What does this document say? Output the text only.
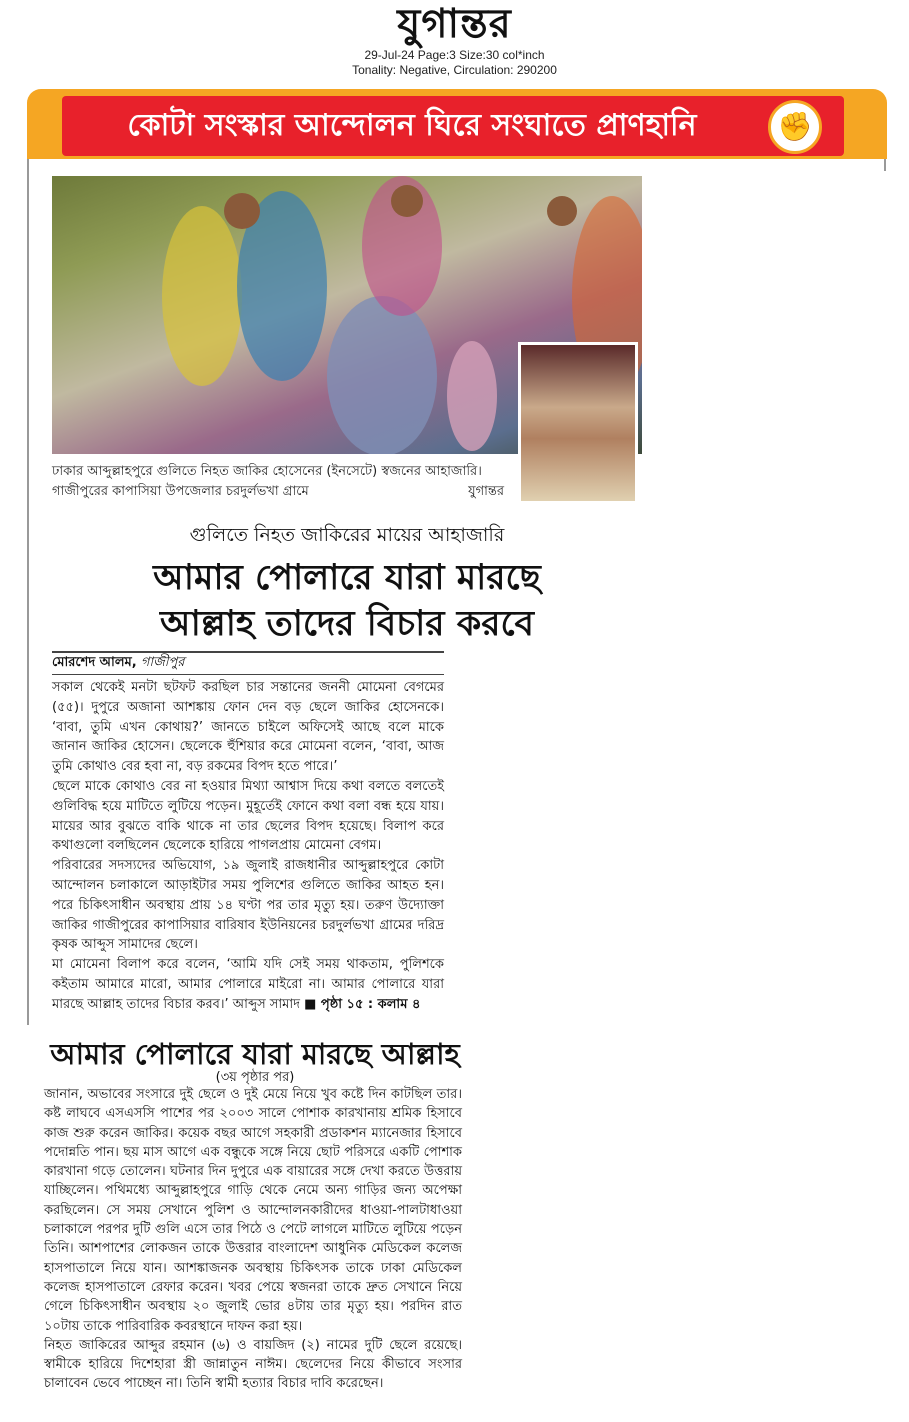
যুগান্তর
29-Jul-24 Page:3 Size:30 col*inch
Tonality: Negative, Circulation: 290200
কোটা সংস্কার আন্দোলন ঘিরে সংঘাতে প্রাণহানি	✊
ঢাকার আব্দুল্লাহপুরে গুলিতে নিহত জাকির হোসেনের (ইনসেটে) স্বজনের আহাজারি। গাজীপুরের কাপাসিয়া উপজেলার চরদুর্লভখা গ্রামে	যুগান্তর
গুলিতে নিহত জাকিরের মায়ের আহাজারি
আমার পোলারে যারা মারছে
আল্লাহ তাদের বিচার করবে
মোরশেদ আলম, গাজীপুর

সকাল থেকেই মনটা ছটফট করছিল চার সন্তানের জননী মোমেনা বেগমের (৫৫)। দুপুরে অজানা আশঙ্কায় ফোন দেন বড় ছেলে জাকির হোসেনকে। ‘বাবা, তুমি এখন কোথায়?’ জানতে চাইলে অফিসেই আছে বলে মাকে জানান জাকির হোসেন। ছেলেকে হুঁশিয়ার করে মোমেনা বলেন, ‘বাবা, আজ তুমি কোথাও বের হবা না, বড় রকমের বিপদ হতে পারে।’

ছেলে মাকে কোথাও বের না হওয়ার মিথ্যা আশ্বাস দিয়ে কথা বলতে বলতেই গুলিবিদ্ধ হয়ে মাটিতে লুটিয়ে পড়েন। মুহূর্তেই ফোনে কথা বলা বন্ধ হয়ে যায়। মায়ের আর বুঝতে বাকি থাকে না তার ছেলের বিপদ হয়েছে। বিলাপ করে কথাগুলো বলছিলেন ছেলেকে হারিয়ে পাগলপ্রায় মোমেনা বেগম।

পরিবারের সদস্যদের অভিযোগ, ১৯ জুলাই রাজধানীর আব্দুল্লাহপুরে কোটা আন্দোলন চলাকালে আড়াইটার সময় পুলিশের গুলিতে জাকির আহত হন। পরে চিকিৎসাধীন অবস্থায় প্রায় ১৪ ঘণ্টা পর তার মৃত্যু হয়। তরুণ উদ্যোক্তা জাকির গাজীপুরের কাপাসিয়ার বারিষাব ইউনিয়নের চরদুর্লভখা গ্রামের দরিদ্র কৃষক আব্দুস সামাদের ছেলে।

মা মোমেনা বিলাপ করে বলেন, ‘আমি যদি সেই সময় থাকতাম, পুলিশকে কইতাম আমারে মারো, আমার পোলারে মাইরো না। আমার পোলারে যারা মারছে আল্লাহ তাদের বিচার করব।’ আব্দুস সামাদ ■ পৃষ্ঠা ১৫ : কলাম ৪

আমার পোলারে যারা মারছে আল্লাহ
(৩য় পৃষ্ঠার পর)

জানান, অভাবের সংসারে দুই ছেলে ও দুই মেয়ে নিয়ে খুব কষ্টে দিন কাটছিল তার। কষ্ট লাঘবে এসএসসি পাশের পর ২০০৩ সালে পোশাক কারখানায় শ্রমিক হিসাবে কাজ শুরু করেন জাকির। কয়েক বছর আগে সহকারী প্রডাকশন ম্যানেজার হিসাবে পদোন্নতি পান। ছয় মাস আগে এক বন্ধুকে সঙ্গে নিয়ে ছোট পরিসরে একটি পোশাক কারখানা গড়ে তোলেন। ঘটনার দিন দুপুরে এক বায়ারের সঙ্গে দেখা করতে উত্তরায় যাচ্ছিলেন। পথিমধ্যে আব্দুল্লাহপুরে গাড়ি থেকে নেমে অন্য গাড়ির জন্য অপেক্ষা করছিলেন। সে সময় সেখানে পুলিশ ও আন্দোলনকারীদের ধাওয়া-পালটাধাওয়া চলাকালে পরপর দুটি গুলি এসে তার পিঠে ও পেটে লাগলে মাটিতে লুটিয়ে পড়েন তিনি। আশপাশের লোকজন তাকে উত্তরার বাংলাদেশ আধুনিক মেডিকেল কলেজ হাসপাতালে নিয়ে যান। আশঙ্কাজনক অবস্থায় চিকিৎসক তাকে ঢাকা মেডিকেল কলেজ হাসপাতালে রেফার করেন। খবর পেয়ে স্বজনরা তাকে দ্রুত সেখানে নিয়ে গেলে চিকিৎসাধীন অবস্থায় ২০ জুলাই ভোর ৪টায় তার মৃত্যু হয়। পরদিন রাত ১০টায় তাকে পারিবারিক কবরস্থানে দাফন করা হয়।

নিহত জাকিরের আব্দুর রহমান (৬) ও বায়জিদ (২) নামের দুটি ছেলে রয়েছে। স্বামীকে হারিয়ে দিশেহারা স্ত্রী জান্নাতুন নাঈম। ছেলেদের নিয়ে কীভাবে সংসার চালাবেন ভেবে পাচ্ছেন না। তিনি স্বামী হত্যার বিচার দাবি করেছেন।
